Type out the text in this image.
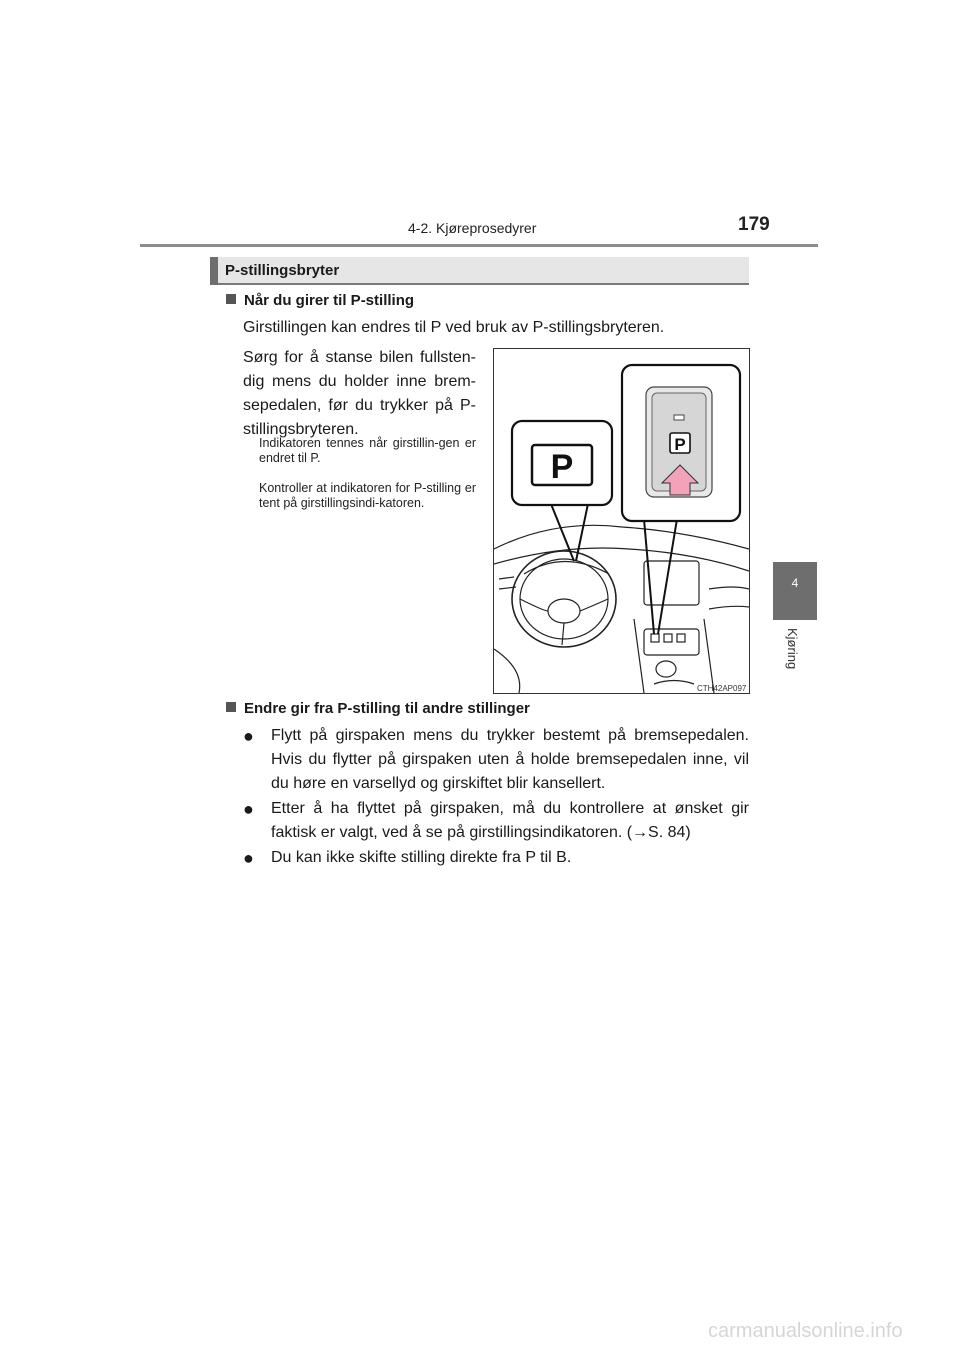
4-2. Kjøreprosedyrer	179
4
Kjøring
P-stillingsbryter
Når du girer til P-stilling
Girstillingen kan endres til P ved bruk av P-stillingsbryteren.
Sørg for å stanse bilen fullsten-dig mens du holder inne brem-sepedalen, før du trykker på P-stillingsbryteren.
Indikatoren tennes når girstillin-gen er endret til P.
Kontroller at indikatoren for P-stilling er tent på girstillingsindi-katoren.
P
P
CTH42AP097
Endre gir fra P-stilling til andre stillinger
● Flytt på girspaken mens du trykker bestemt på bremsepedalen. Hvis du flytter på girspaken uten å holde bremsepedalen inne, vil du høre en varsellyd og girskiftet blir kansellert.
● Etter å ha flyttet på girspaken, må du kontrollere at ønsket gir faktisk er valgt, ved å se på girstillingsindikatoren. (→S. 84)
● Du kan ikke skifte stilling direkte fra P til B.
carmanualsonline.info
